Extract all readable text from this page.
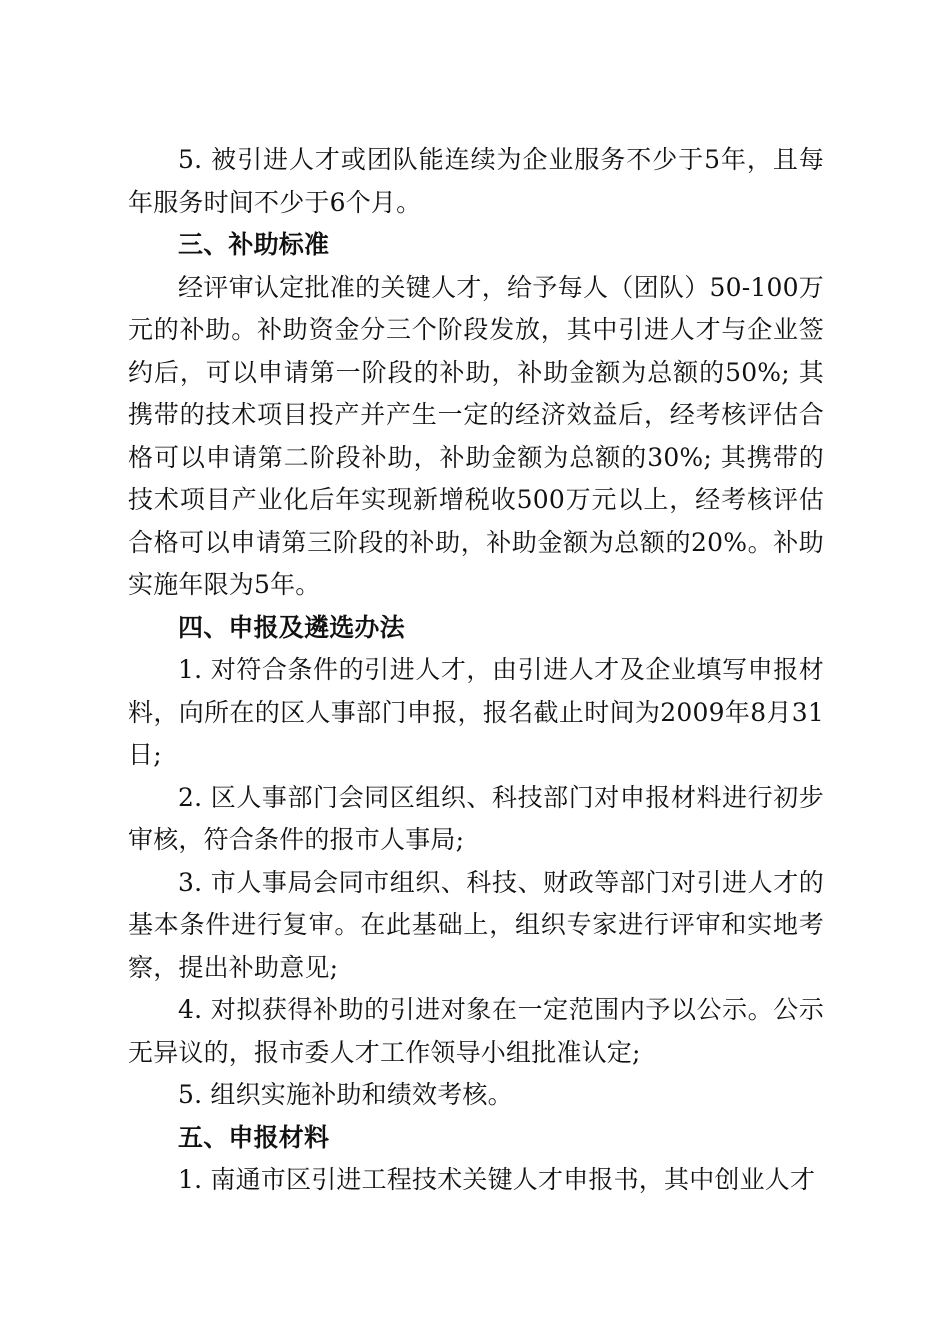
5. 被引进人才或团队能连续为企业服务不少于5年，且每年服务时间不少于6个月。

三、补助标准

经评审认定批准的关键人才，给予每人（团队）50-100万元的补助。补助资金分三个阶段发放，其中引进人才与企业签约后，可以申请第一阶段的补助，补助金额为总额的50%; 其携带的技术项目投产并产生一定的经济效益后，经考核评估合格可以申请第二阶段补助，补助金额为总额的30%; 其携带的技术项目产业化后年实现新增税收500万元以上，经考核评估合格可以申请第三阶段的补助，补助金额为总额的20%。补助实施年限为5年。

四、申报及遴选办法

1. 对符合条件的引进人才，由引进人才及企业填写申报材料，向所在的区人事部门申报，报名截止时间为2009年8月31日;

2. 区人事部门会同区组织、科技部门对申报材料进行初步审核，符合条件的报市人事局;

3. 市人事局会同市组织、科技、财政等部门对引进人才的基本条件进行复审。在此基础上，组织专家进行评审和实地考察，提出补助意见;

4. 对拟获得补助的引进对象在一定范围内予以公示。公示无异议的，报市委人才工作领导小组批准认定;

5. 组织实施补助和绩效考核。

五、申报材料

1. 南通市区引进工程技术关键人才申报书，其中创业人才
